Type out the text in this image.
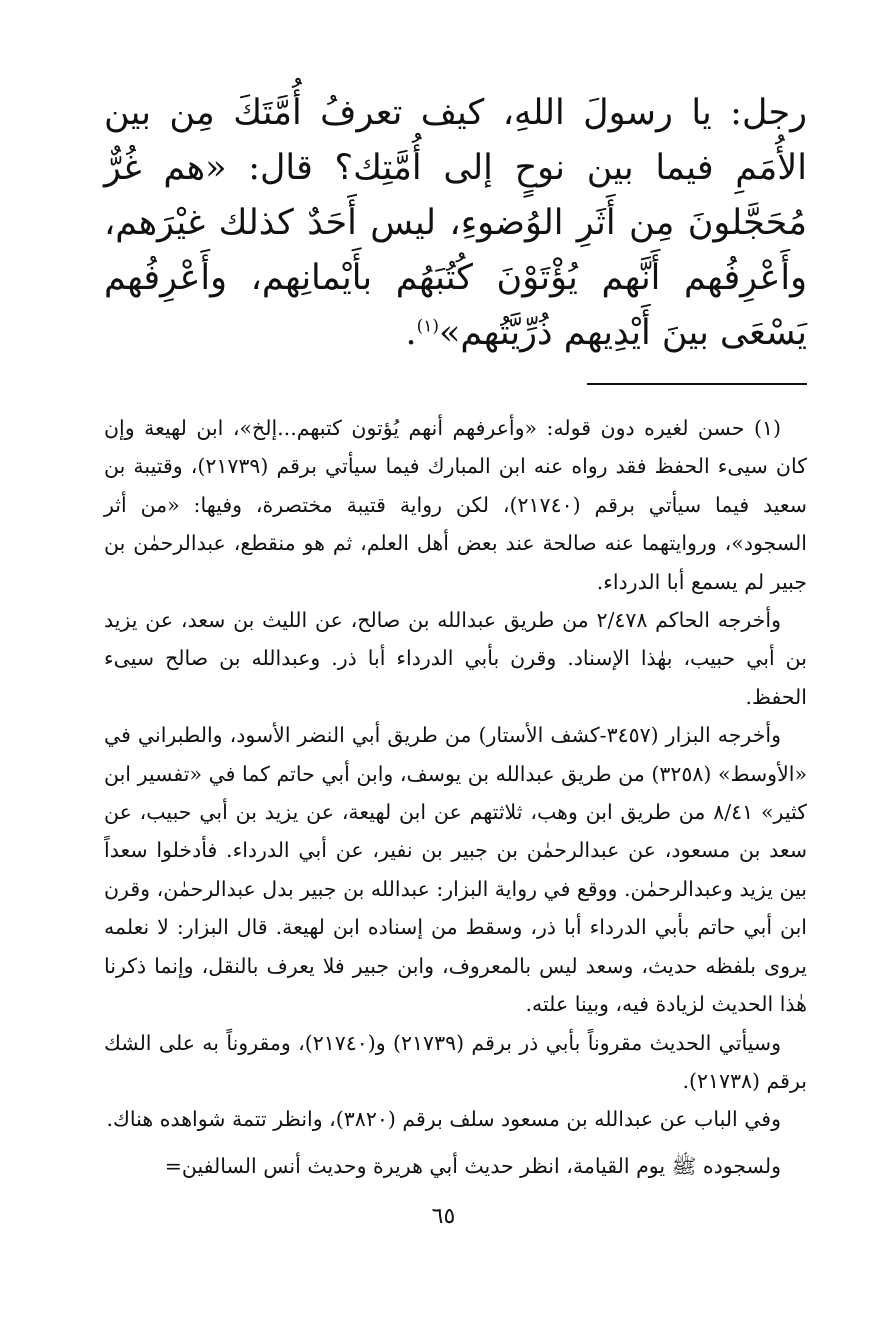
رجل: يا رسولَ اللهِ، كيف تعرفُ أُمَّتَكَ مِن بين الأُمَمِ فيما بين نوحٍ إلى أُمَّتِك؟ قال: «هم غُرٌّ مُحَجَّلونَ مِن أَثَرِ الوُضوءِ، ليس أَحَدٌ كذلك غيْرَهم، وأَعْرِفُهم أَنَّهم يُؤْتَوْنَ كُتُبَهُم بأَيْمانِهم، وأَعْرِفُهم يَسْعَى بينَ أَيْدِيهم ذُرِّيَّتُهم»$^{(١)}$.

(١) حسن لغيره دون قوله: «وأعرفهم أنهم يُؤتون كتبهم...إلخ»، ابن لهيعة وإن كان سيىء الحفظ فقد رواه عنه ابن المبارك فيما سيأتي برقم (٢١٧٣٩)، وقتيبة بن سعيد فيما سيأتي برقم (٢١٧٤٠)، لكن رواية قتيبة مختصرة، وفيها: «من أثر السجود»، وروايتهما عنه صالحة عند بعض أهل العلم، ثم هو منقطع، عبدالرحمٰن بن جبير لم يسمع أبا الدرداء.

وأخرجه الحاكم ٢/٤٧٨ من طريق عبدالله بن صالح، عن الليث بن سعد، عن يزيد بن أبي حبيب، بهٰذا الإسناد. وقرن بأبي الدرداء أبا ذر. وعبدالله بن صالح سيىء الحفظ.

وأخرجه البزار (٣٤٥٧-كشف الأستار) من طريق أبي النضر الأسود، والطبراني في «الأوسط» (٣٢٥٨) من طريق عبدالله بن يوسف، وابن أبي حاتم كما في «تفسير ابن كثير» ٨/٤١ من طريق ابن وهب، ثلاثتهم عن ابن لهيعة، عن يزيد بن أبي حبيب، عن سعد بن مسعود، عن عبدالرحمٰن بن جبير بن نفير، عن أبي الدرداء. فأدخلوا سعداً بين يزيد وعبدالرحمٰن. ووقع في رواية البزار: عبدالله بن جبير بدل عبدالرحمٰن، وقرن ابن أبي حاتم بأبي الدرداء أبا ذر، وسقط من إسناده ابن لهيعة. قال البزار: لا نعلمه يروى بلفظه حديث، وسعد ليس بالمعروف، وابن جبير فلا يعرف بالنقل، وإنما ذكرنا هٰذا الحديث لزيادة فيه، وبينا علته.

وسيأتي الحديث مقروناً بأبي ذر برقم (٢١٧٣٩) و(٢١٧٤٠)، ومقروناً به على الشك برقم (٢١٧٣٨).

وفي الباب عن عبدالله بن مسعود سلف برقم (٣٨٢٠)، وانظر تتمة شواهده هناك.

ولسجوده ﷺ يوم القيامة، انظر حديث أبي هريرة وحديث أنس السالفين=

٦٥
